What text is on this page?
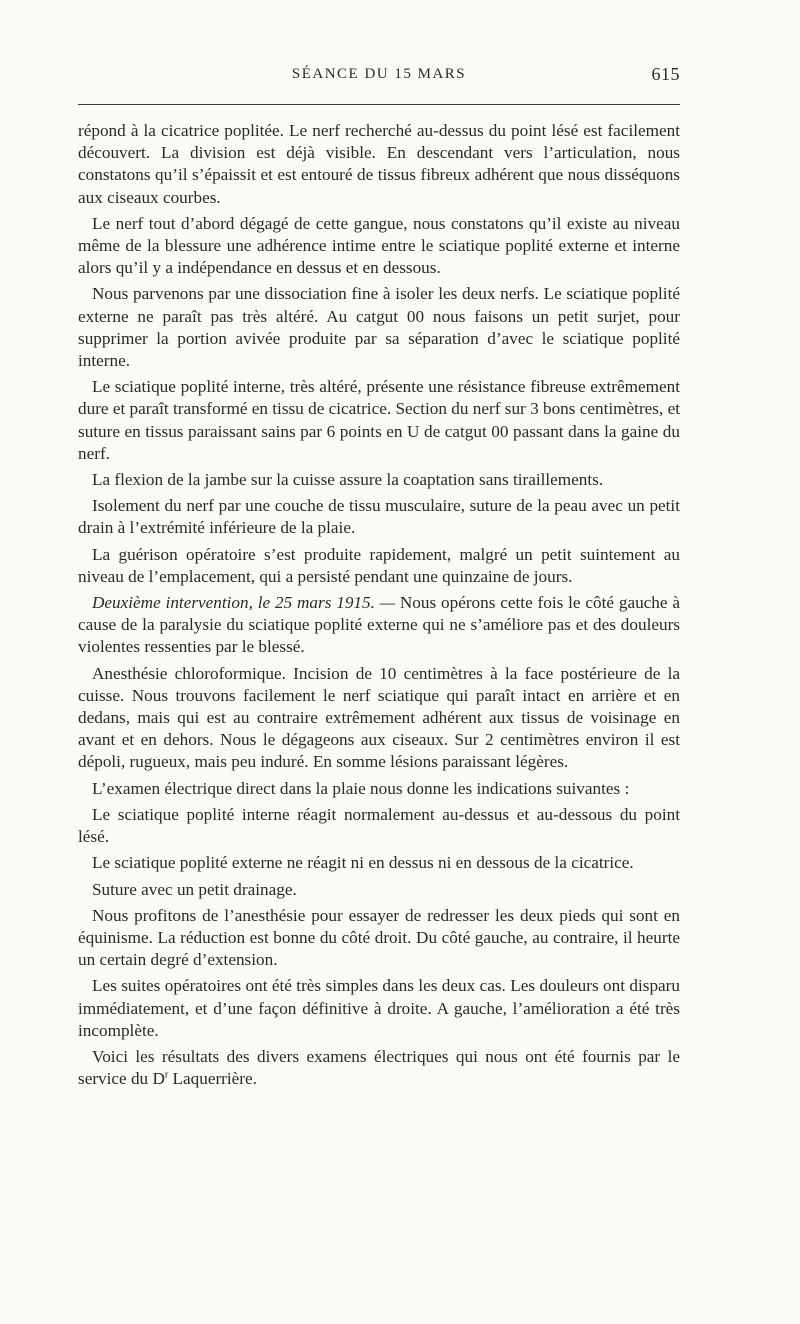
SÉANCE DU 15 MARS	615

répond à la cicatrice poplitée. Le nerf recherché au-dessus du point lésé est facilement découvert. La division est déjà visible. En descendant vers l’articulation, nous constatons qu’il s’épaissit et est entouré de tissus fibreux adhérent que nous disséquons aux ciseaux courbes.

Le nerf tout d’abord dégagé de cette gangue, nous constatons qu’il existe au niveau même de la blessure une adhérence intime entre le sciatique poplité externe et interne alors qu’il y a indépendance en dessus et en dessous.

Nous parvenons par une dissociation fine à isoler les deux nerfs. Le sciatique poplité externe ne paraît pas très altéré. Au catgut 00 nous faisons un petit surjet, pour supprimer la portion avivée produite par sa séparation d’avec le sciatique poplité interne.

Le sciatique poplité interne, très altéré, présente une résistance fibreuse extrêmement dure et paraît transformé en tissu de cicatrice. Section du nerf sur 3 bons centimètres, et suture en tissus paraissant sains par 6 points en U de catgut 00 passant dans la gaine du nerf.

La flexion de la jambe sur la cuisse assure la coaptation sans tiraillements.

Isolement du nerf par une couche de tissu musculaire, suture de la peau avec un petit drain à l’extrémité inférieure de la plaie.

La guérison opératoire s’est produite rapidement, malgré un petit suintement au niveau de l’emplacement, qui a persisté pendant une quinzaine de jours.

Deuxième intervention, le 25 mars 1915. — Nous opérons cette fois le côté gauche à cause de la paralysie du sciatique poplité externe qui ne s’améliore pas et des douleurs violentes ressenties par le blessé.

Anesthésie chloroformique. Incision de 10 centimètres à la face postérieure de la cuisse. Nous trouvons facilement le nerf sciatique qui paraît intact en arrière et en dedans, mais qui est au contraire extrêmement adhérent aux tissus de voisinage en avant et en dehors. Nous le dégageons aux ciseaux. Sur 2 centimètres environ il est dépoli, rugueux, mais peu induré. En somme lésions paraissant légères.

L’examen électrique direct dans la plaie nous donne les indications suivantes :

Le sciatique poplité interne réagit normalement au-dessus et au-dessous du point lésé.

Le sciatique poplité externe ne réagit ni en dessus ni en dessous de la cicatrice.

Suture avec un petit drainage.

Nous profitons de l’anesthésie pour essayer de redresser les deux pieds qui sont en équinisme. La réduction est bonne du côté droit. Du côté gauche, au contraire, il heurte un certain degré d’extension.

Les suites opératoires ont été très simples dans les deux cas. Les douleurs ont disparu immédiatement, et d’une façon définitive à droite. A gauche, l’amélioration a été très incomplète.

Voici les résultats des divers examens électriques qui nous ont été fournis par le service du $D^r$ Laquerrière.
